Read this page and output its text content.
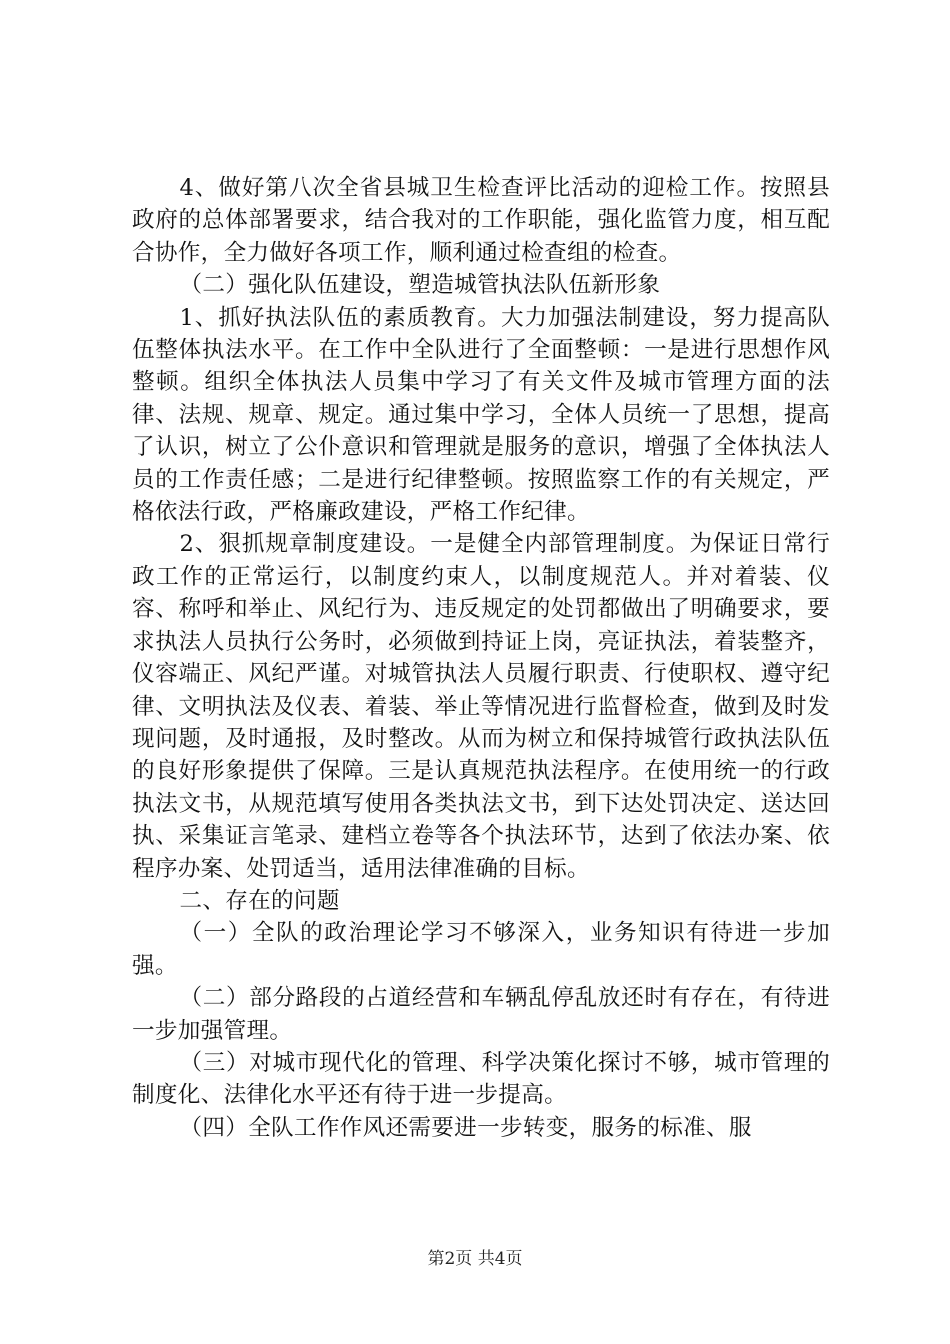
4、做好第八次全省县城卫生检查评比活动的迎检工作。按照县政府的总体部署要求，结合我对的工作职能，强化监管力度，相互配合协作，全力做好各项工作，顺利通过检查组的检查。

（二）强化队伍建设，塑造城管执法队伍新形象

1、抓好执法队伍的素质教育。大力加强法制建设，努力提高队伍整体执法水平。在工作中全队进行了全面整顿：一是进行思想作风整顿。组织全体执法人员集中学习了有关文件及城市管理方面的法律、法规、规章、规定。通过集中学习，全体人员统一了思想，提高了认识，树立了公仆意识和管理就是服务的意识，增强了全体执法人员的工作责任感；二是进行纪律整顿。按照监察工作的有关规定，严格依法行政，严格廉政建设，严格工作纪律。

2、狠抓规章制度建设。一是健全内部管理制度。为保证日常行政工作的正常运行，以制度约束人，以制度规范人。并对着装、仪容、称呼和举止、风纪行为、违反规定的处罚都做出了明确要求，要求执法人员执行公务时，必须做到持证上岗，亮证执法，着装整齐，仪容端正、风纪严谨。对城管执法人员履行职责、行使职权、遵守纪律、文明执法及仪表、着装、举止等情况进行监督检查，做到及时发现问题，及时通报，及时整改。从而为树立和保持城管行政执法队伍的良好形象提供了保障。三是认真规范执法程序。在使用统一的行政执法文书，从规范填写使用各类执法文书，到下达处罚决定、送达回执、采集证言笔录、建档立卷等各个执法环节，达到了依法办案、依程序办案、处罚适当，适用法律准确的目标。

二、存在的问题

（一）全队的政治理论学习不够深入，业务知识有待进一步加强。

（二）部分路段的占道经营和车辆乱停乱放还时有存在，有待进一步加强管理。

（三）对城市现代化的管理、科学决策化探讨不够，城市管理的制度化、法律化水平还有待于进一步提高。

（四）全队工作作风还需要进一步转变，服务的标准、服

第2页 共4页
